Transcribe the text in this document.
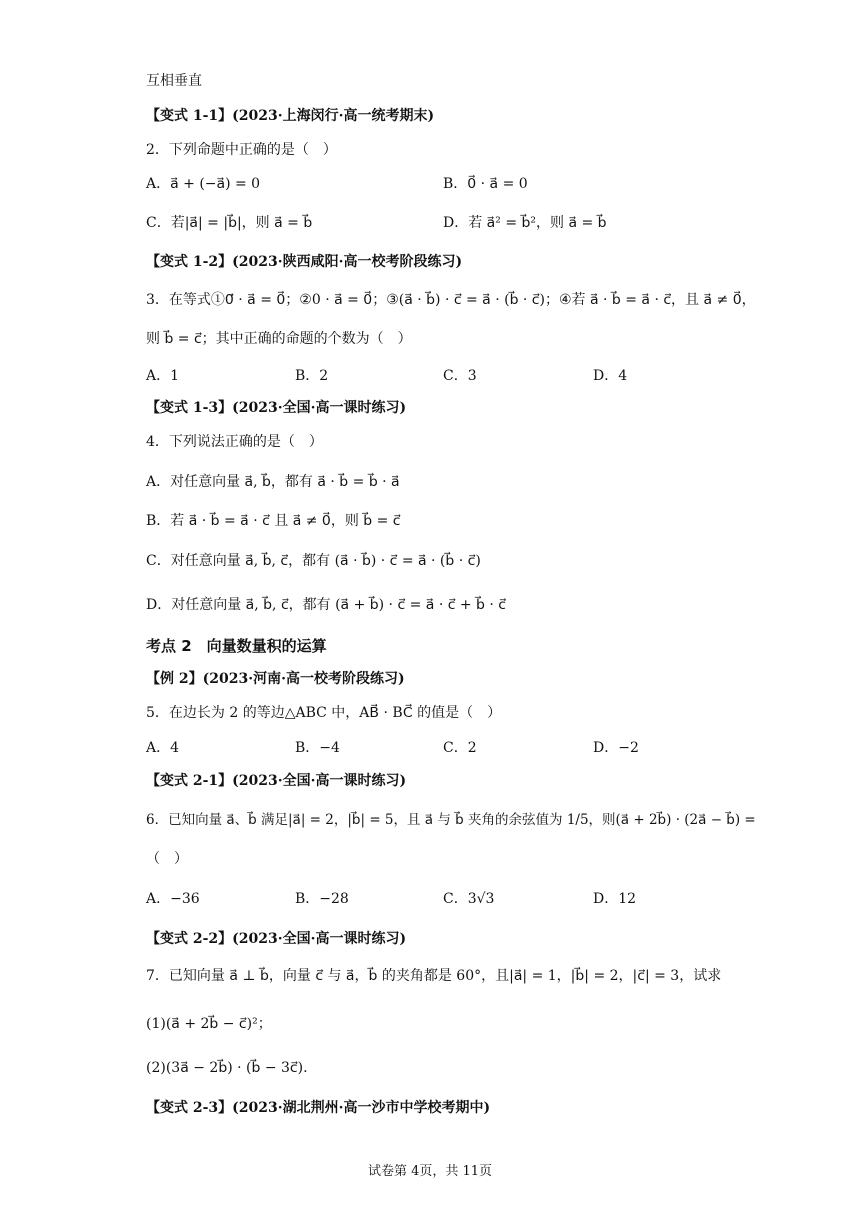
互相垂直
【变式 1-1】(2023·上海闵行·高一统考期末)
2．下列命题中正确的是（　）
A．a⃗ + (−a⃗) = 0	B．0⃗ · a⃗ = 0
C．若|a⃗| = |b⃗|，则 a⃗ = b⃗	D．若 a⃗² = b⃗²，则 a⃗ = b⃗
【变式 1-2】(2023·陕西咸阳·高一校考阶段练习)
3．在等式①0⃗ · a⃗ = 0⃗；②0 · a⃗ = 0⃗；③(a⃗ · b⃗) · c⃗ = a⃗ · (b⃗ · c⃗)；④若 a⃗ · b⃗ = a⃗ · c⃗，且 a⃗ ≠ 0⃗，
则 b⃗ = c⃗；其中正确的命题的个数为（　）
A．1	B．2	C．3	D．4
【变式 1-3】(2023·全国·高一课时练习)
4．下列说法正确的是（　）
A．对任意向量 a⃗, b⃗，都有 a⃗ · b⃗ = b⃗ · a⃗
B．若 a⃗ · b⃗ = a⃗ · c⃗ 且 a⃗ ≠ 0⃗，则 b⃗ = c⃗
C．对任意向量 a⃗, b⃗, c⃗，都有 (a⃗ · b⃗) · c⃗ = a⃗ · (b⃗ · c⃗)
D．对任意向量 a⃗, b⃗, c⃗，都有 (a⃗ + b⃗) · c⃗ = a⃗ · c⃗ + b⃗ · c⃗
考点 2　向量数量积的运算
【例 2】(2023·河南·高一校考阶段练习)
5．在边长为 2 的等边△ABC 中，AB⃗ · BC⃗ 的值是（　）
A．4	B．−4	C．2	D．−2
【变式 2-1】(2023·全国·高一课时练习)
6．已知向量 a⃗、b⃗ 满足|a⃗| = 2，|b⃗| = 5，且 a⃗ 与 b⃗ 夹角的余弦值为 1/5，则(a⃗ + 2b⃗) · (2a⃗ − b⃗) =
（　）
A．−36	B．−28	C．3√3	D．12
【变式 2-2】(2023·全国·高一课时练习)
7．已知向量 a⃗ ⊥ b⃗，向量 c⃗ 与 a⃗，b⃗ 的夹角都是 60°，且|a⃗| = 1，|b⃗| = 2，|c⃗| = 3，试求
(1)(a⃗ + 2b⃗ − c⃗)²；
(2)(3a⃗ − 2b⃗) · (b⃗ − 3c⃗).
【变式 2-3】(2023·湖北荆州·高一沙市中学校考期中)
试卷第 4页，共 11页
